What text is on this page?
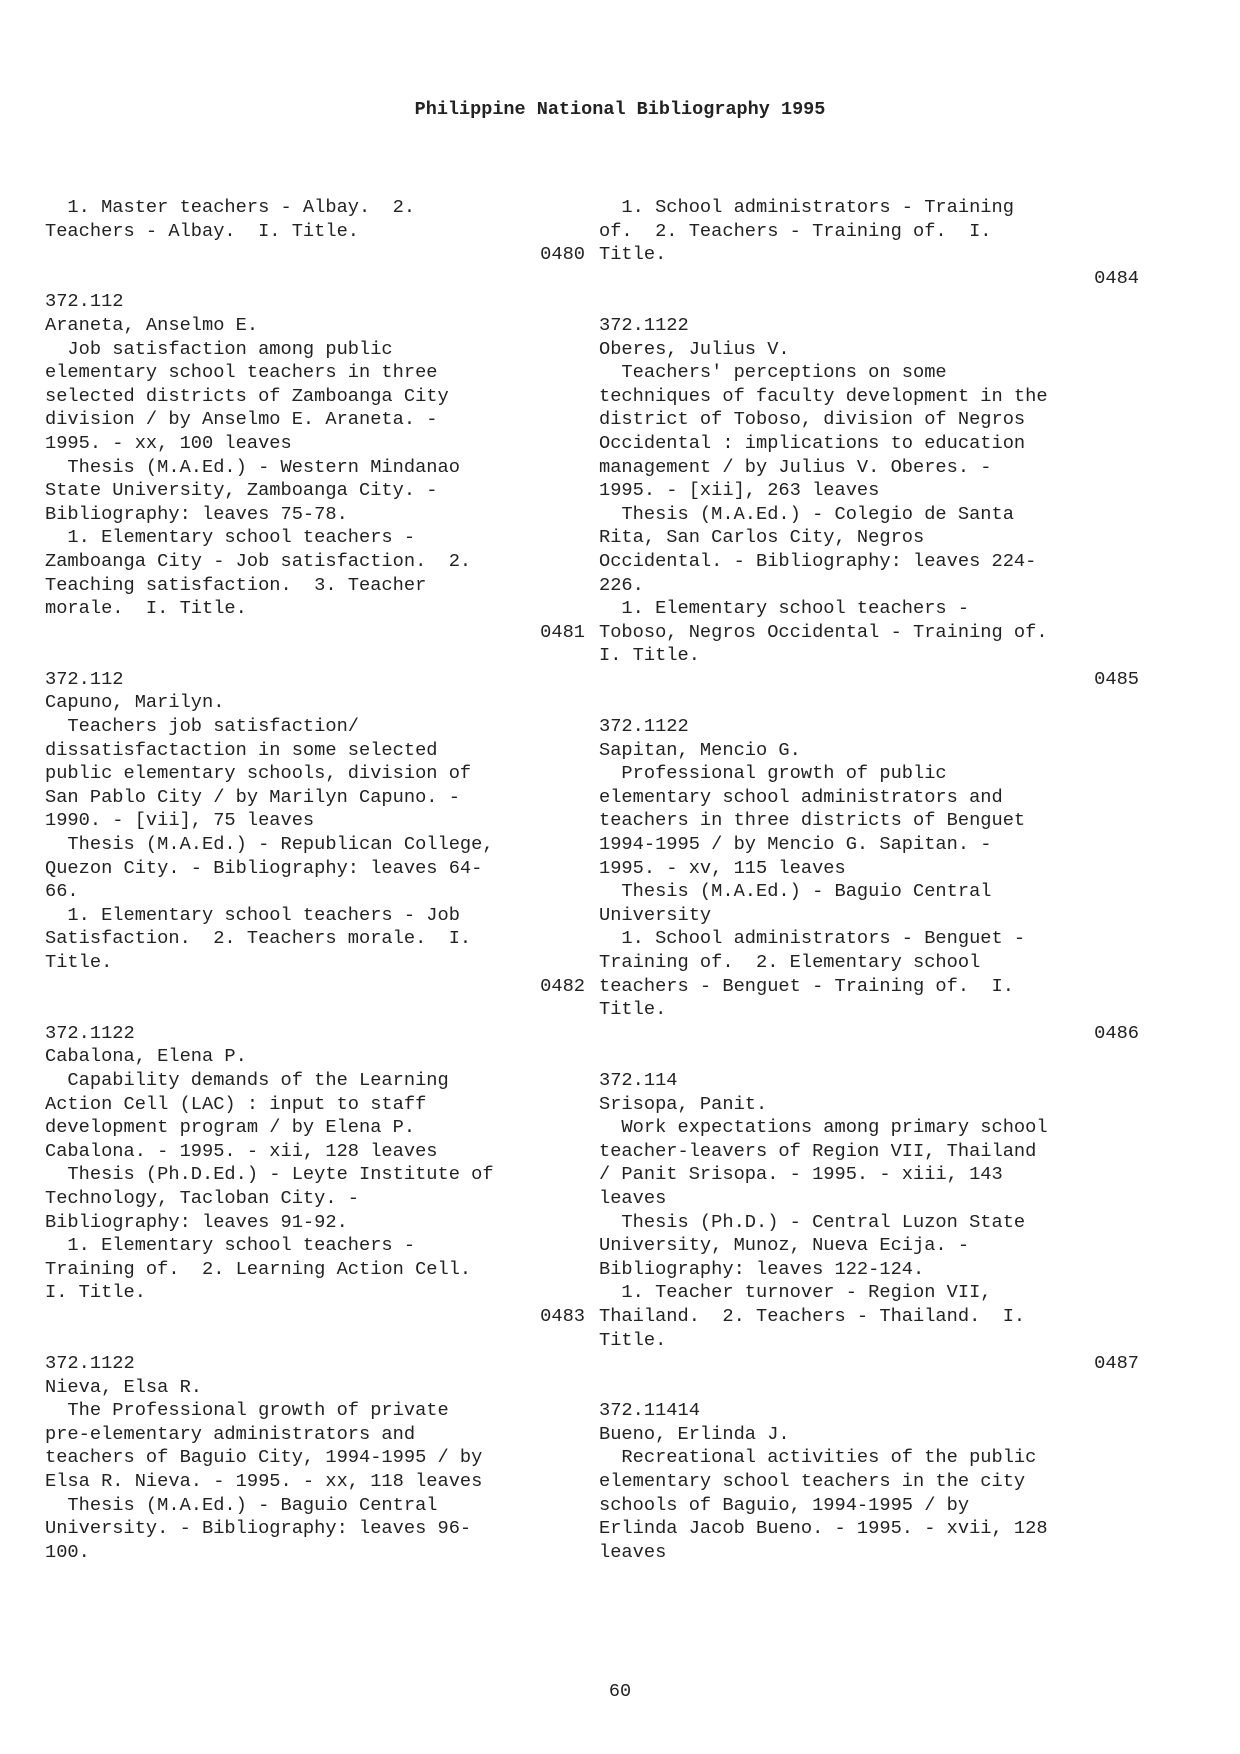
Philippine National Bibliography 1995
1. Master teachers - Albay.  2.
Teachers - Albay.  I. Title.
0480
372.112
Araneta, Anselmo E.
Job satisfaction among public
elementary school teachers in three
selected districts of Zamboanga City
division / by Anselmo E. Araneta. -
1995. - xx, 100 leaves
Thesis (M.A.Ed.) - Western Mindanao
State University, Zamboanga City. -
Bibliography: leaves 75-78.
1. Elementary school teachers -
Zamboanga City - Job satisfaction.  2.
Teaching satisfaction.  3. Teacher
morale.  I. Title.
0481
372.112
Capuno, Marilyn.
Teachers job satisfaction/
dissatisfactaction in some selected
public elementary schools, division of
San Pablo City / by Marilyn Capuno. -
1990. - [vii], 75 leaves
Thesis (M.A.Ed.) - Republican College,
Quezon City. - Bibliography: leaves 64-
66.
1. Elementary school teachers - Job
Satisfaction.  2. Teachers morale.  I.
Title.
0482
372.1122
Cabalona, Elena P.
Capability demands of the Learning
Action Cell (LAC) : input to staff
development program / by Elena P.
Cabalona. - 1995. - xii, 128 leaves
Thesis (Ph.D.Ed.) - Leyte Institute of
Technology, Tacloban City. -
Bibliography: leaves 91-92.
1. Elementary school teachers -
Training of.  2. Learning Action Cell.
I. Title.
0483
372.1122
Nieva, Elsa R.
The Professional growth of private
pre-elementary administrators and
teachers of Baguio City, 1994-1995 / by
Elsa R. Nieva. - 1995. - xx, 118 leaves
Thesis (M.A.Ed.) - Baguio Central
University. - Bibliography: leaves 96-
100.
1. School administrators - Training
of.  2. Teachers - Training of.  I.
Title.
0484
372.1122
Oberes, Julius V.
Teachers' perceptions on some
techniques of faculty development in the
district of Toboso, division of Negros
Occidental : implications to education
management / by Julius V. Oberes. -
1995. - [xii], 263 leaves
Thesis (M.A.Ed.) - Colegio de Santa
Rita, San Carlos City, Negros
Occidental. - Bibliography: leaves 224-
226.
1. Elementary school teachers -
Toboso, Negros Occidental - Training of.
I. Title.
0485
372.1122
Sapitan, Mencio G.
Professional growth of public
elementary school administrators and
teachers in three districts of Benguet
1994-1995 / by Mencio G. Sapitan. -
1995. - xv, 115 leaves
Thesis (M.A.Ed.) - Baguio Central
University
1. School administrators - Benguet -
Training of.  2. Elementary school
teachers - Benguet - Training of.  I.
Title.
0486
372.114
Srisopa, Panit.
Work expectations among primary school
teacher-leavers of Region VII, Thailand
/ Panit Srisopa. - 1995. - xiii, 143
leaves
Thesis (Ph.D.) - Central Luzon State
University, Munoz, Nueva Ecija. -
Bibliography: leaves 122-124.
1. Teacher turnover - Region VII,
Thailand.  2. Teachers - Thailand.  I.
Title.
0487
372.11414
Bueno, Erlinda J.
Recreational activities of the public
elementary school teachers in the city
schools of Baguio, 1994-1995 / by
Erlinda Jacob Bueno. - 1995. - xvii, 128
leaves
60
